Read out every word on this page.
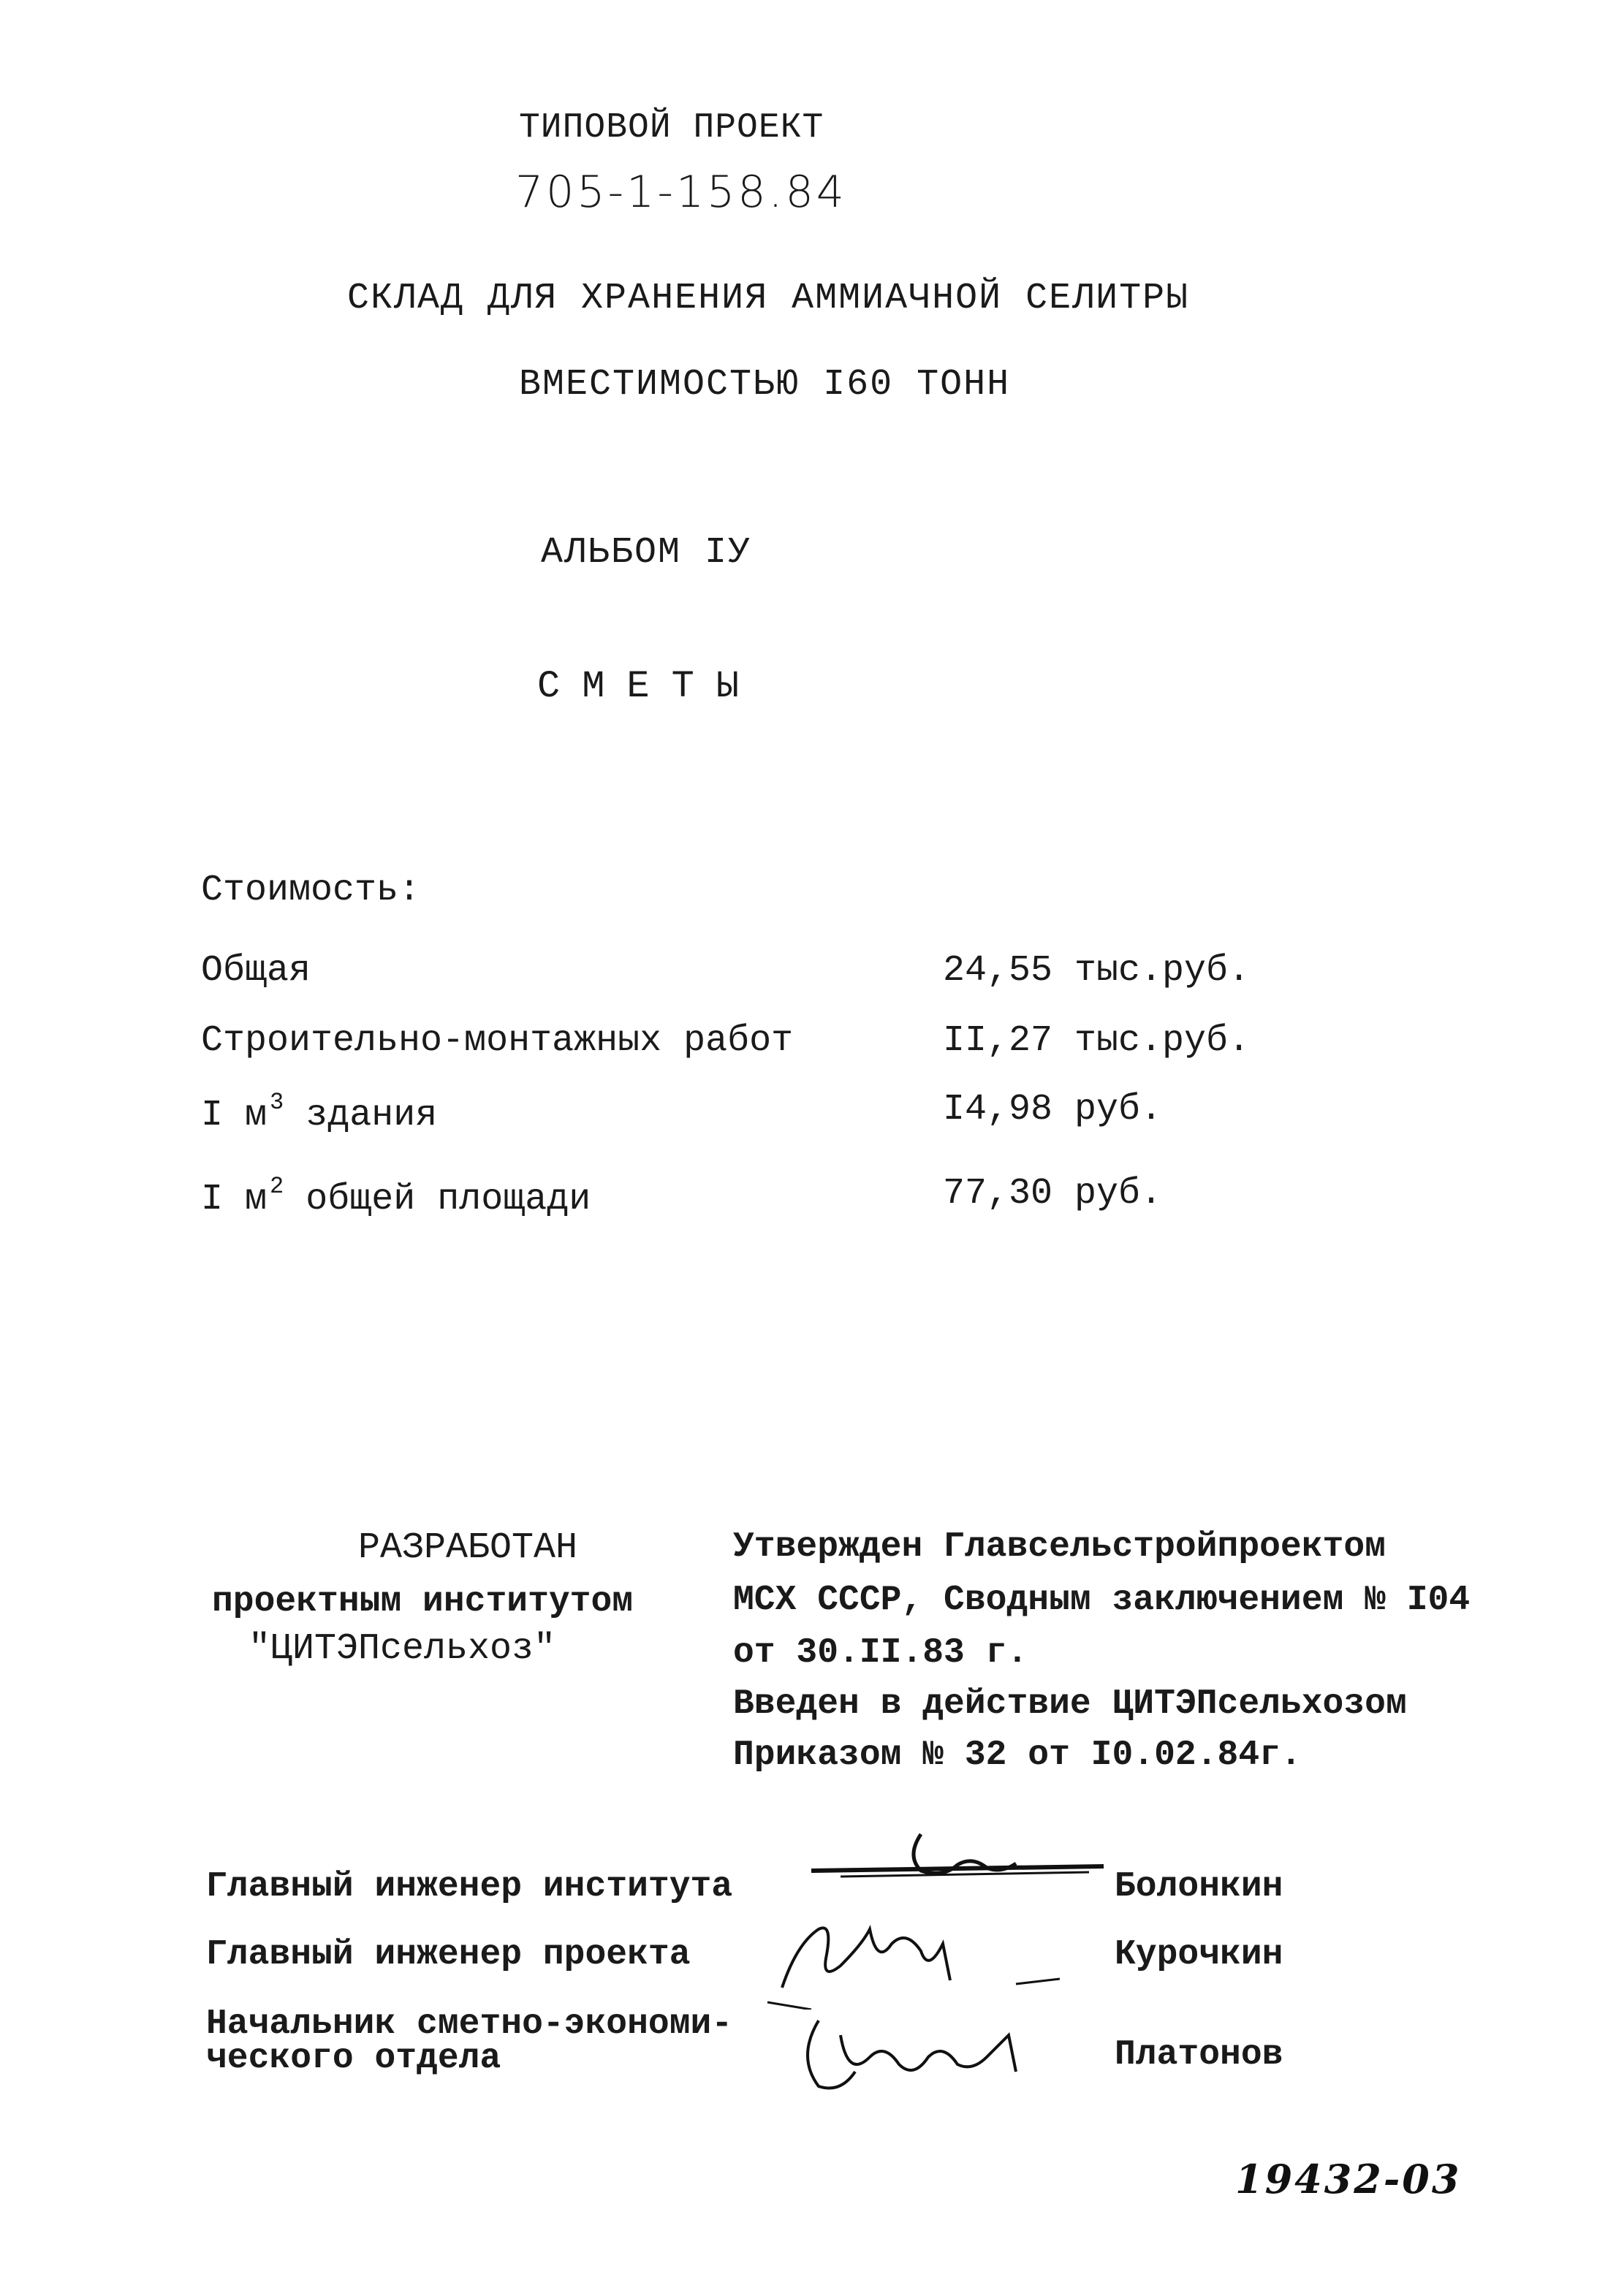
ТИПОВОЙ ПРОЕКТ
705-1-158.84
СКЛАД ДЛЯ ХРАНЕНИЯ АММИАЧНОЙ СЕЛИТРЫ
ВМЕСТИМОСТЬЮ I60 ТОНН
АЛЬБОМ IУ
СМЕТЫ
Стоимость:
Общая	24,55 тыс.руб.
Строительно-монтажных работ	II,27 тыс.руб.
I м $^3$ здания	I4,98 руб.
I м $^2$ общей площади	77,30 руб.
РАЗРАБОТАН
проектным институтом
"ЦИТЭПсельхоз"
Утвержден Главсельстройпроектом
МСХ СССР, Сводным заключением № I04
от 30.II.83 г.
Введен в действие ЦИТЭПсельхозом
Приказом № 32 от I0.02.84г.
Главный инженер института	Болонкин
Главный инженер проекта	Курочкин
Начальник сметно-экономи-
ческого отдела	Платонов
19432-03
